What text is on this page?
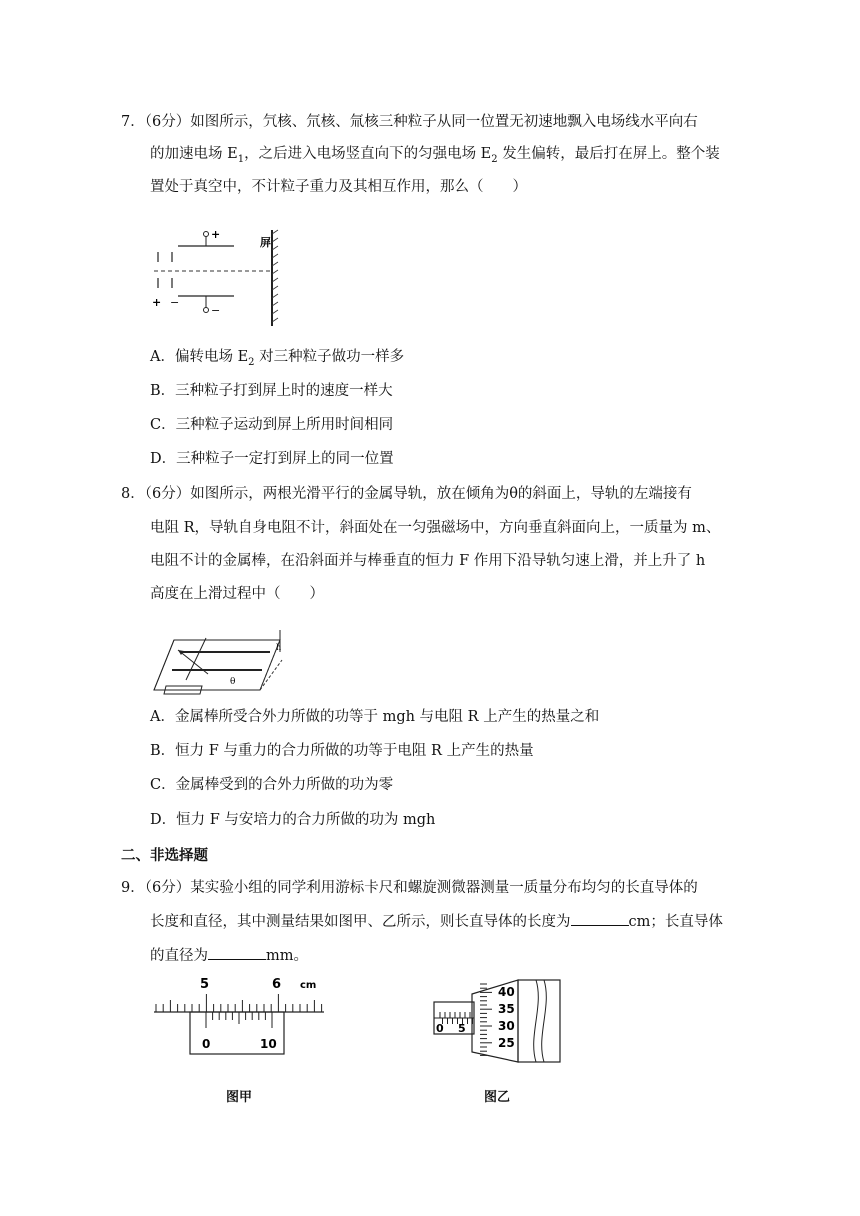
7．（6分）如图所示，氕核、氘核、氚核三种粒子从同一位置无初速地飘入电场线水平向右
的加速电场 $E_1$，之后进入电场竖直向下的匀强电场 $E_2$ 发生偏转，最后打在屏上。整个装
置处于真空中，不计粒子重力及其相互作用，那么（　　）
屏
+
−
+ −
A．偏转电场 $E_2$ 对三种粒子做功一样多
B．三种粒子打到屏上时的速度一样大
C．三种粒子运动到屏上所用时间相同
D．三种粒子一定打到屏上的同一位置
8．（6分）如图所示，两根光滑平行的金属导轨，放在倾角为θ的斜面上，导轨的左端接有
电阻 R，导轨自身电阻不计，斜面处在一匀强磁场中，方向垂直斜面向上，一质量为 m、
电阻不计的金属棒，在沿斜面并与棒垂直的恒力 F 作用下沿导轨匀速上滑，并上升了 h
高度在上滑过程中（　　）
h
θ
A．金属棒所受合外力所做的功等于 mgh 与电阻 R 上产生的热量之和
B．恒力 F 与重力的合力所做的功等于电阻 R 上产生的热量
C．金属棒受到的合外力所做的功为零
D．恒力 F 与安培力的合力所做的功为 mgh
二、非选择题
9．（6分）某实验小组的同学利用游标卡尺和螺旋测微器测量一质量分布均匀的长直导体的
长度和直径，其中测量结果如图甲、乙所示，则长直导体的长度为	cm；长直导体
的直径为	mm。
5	6 cm
0	10
图甲
0 5
40
35
30
25
图乙
